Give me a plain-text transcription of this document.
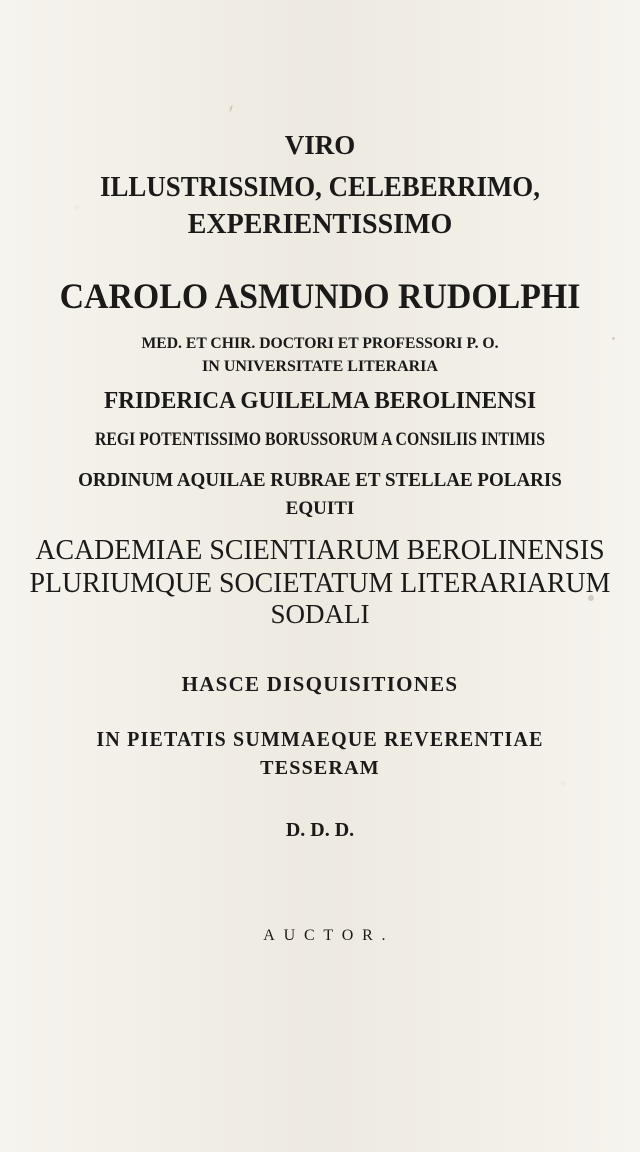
VIRO
ILLUSTRISSIMO, CELEBERRIMO,
EXPERIENTISSIMO
CAROLO ASMUNDO RUDOLPHI
MED. ET CHIR. DOCTORI ET PROFESSORI P. O.
IN UNIVERSITATE LITERARIA
FRIDERICA GUILELMA BEROLINENSI
REGI POTENTISSIMO BORUSSORUM A CONSILIIS INTIMIS
ORDINUM AQUILAE RUBRAE ET STELLAE POLARIS
EQUITI
ACADEMIAE SCIENTIARUM BEROLINENSIS
PLURIUMQUE SOCIETATUM LITERARIARUM
SODALI
HASCE DISQUISITIONES
IN PIETATIS SUMMAEQUE REVERENTIAE
TESSERAM
D. D. D.
AUCTOR.
